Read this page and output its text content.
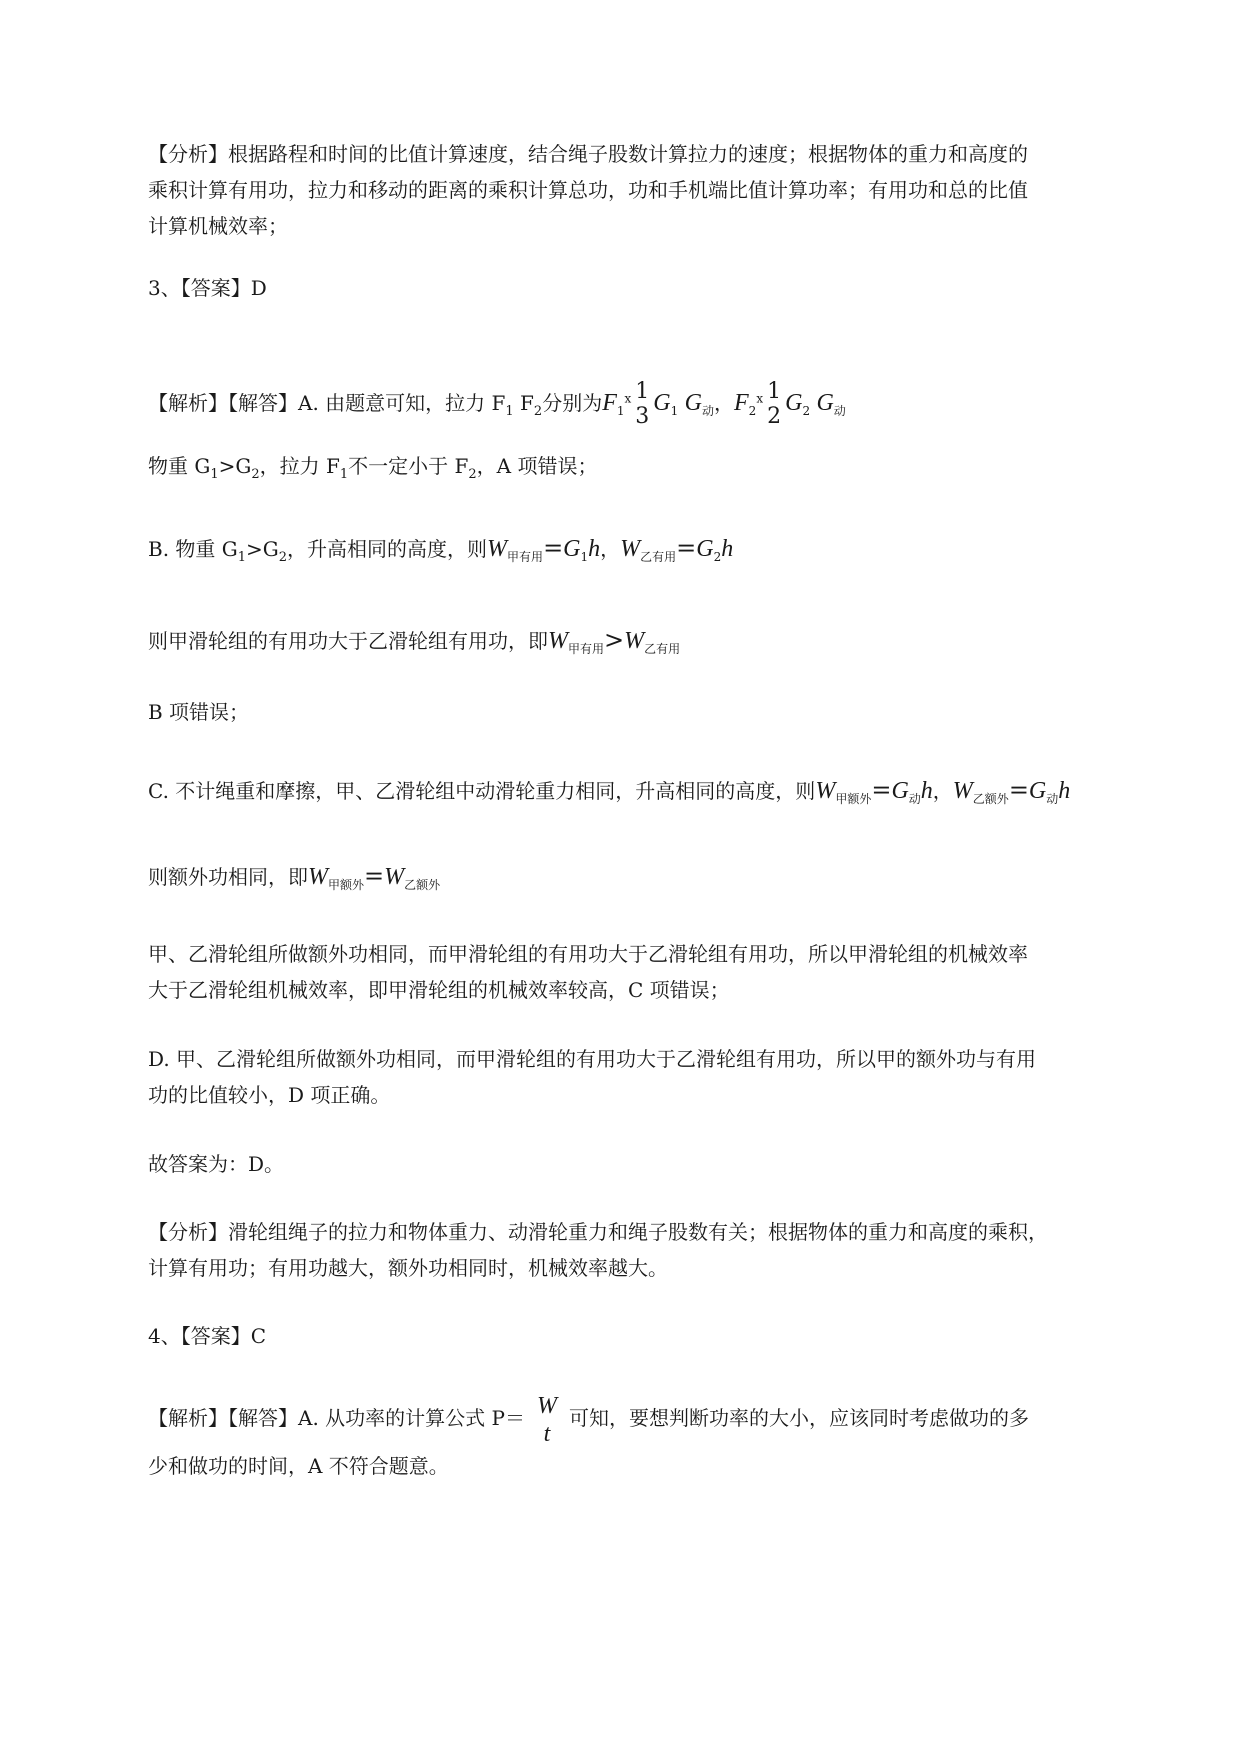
【分析】根据路程和时间的比值计算速度，结合绳子股数计算拉力的速度；根据物体的重力和高度的
乘积计算有用功，拉力和移动的距离的乘积计算总功，功和手机端比值计算功率；有用功和总的比值
计算机械效率；
3、【答案】D
【解析】【解答】A. 由题意可知，拉力 $F_1$ $F_2$分别为$F_1^ⅹ$ 1
3
$G_1$ $G_动$，$F_2^ⅹ$ 1
2
$G_2$ $G_动$
物重 $G_1>G_2$，拉力 $F_1$不一定小于 $F_2$，A 项错误；
B. 物重 $G_1>G_2$，升高相同的高度，则$W_{甲有用}=G_1h$，$W_{乙有用}=G_2h$
则甲滑轮组的有用功大于乙滑轮组有用功，即$W_{甲有用}>W_{乙有用}$
B 项错误；
C. 不计绳重和摩擦，甲、乙滑轮组中动滑轮重力相同，升高相同的高度，则$W_{甲额外}=G_动h$，$W_{乙额外}=G_动h$
则额外功相同，即$W_{甲额外}=W_{乙额外}$
甲、乙滑轮组所做额外功相同，而甲滑轮组的有用功大于乙滑轮组有用功，所以甲滑轮组的机械效率
大于乙滑轮组机械效率，即甲滑轮组的机械效率较高，C 项错误；
D. 甲、乙滑轮组所做额外功相同，而甲滑轮组的有用功大于乙滑轮组有用功，所以甲的额外功与有用
功的比值较小，D 项正确。
故答案为：D。
【分析】滑轮组绳子的拉力和物体重力、动滑轮重力和绳子股数有关；根据物体的重力和高度的乘积，
计算有用功；有用功越大，额外功相同时，机械效率越大。
4、【答案】C
【解析】【解答】A. 从功率的计算公式 P＝ W
t
可知，要想判断功率的大小，应该同时考虑做功的多
少和做功的时间，A 不符合题意。
